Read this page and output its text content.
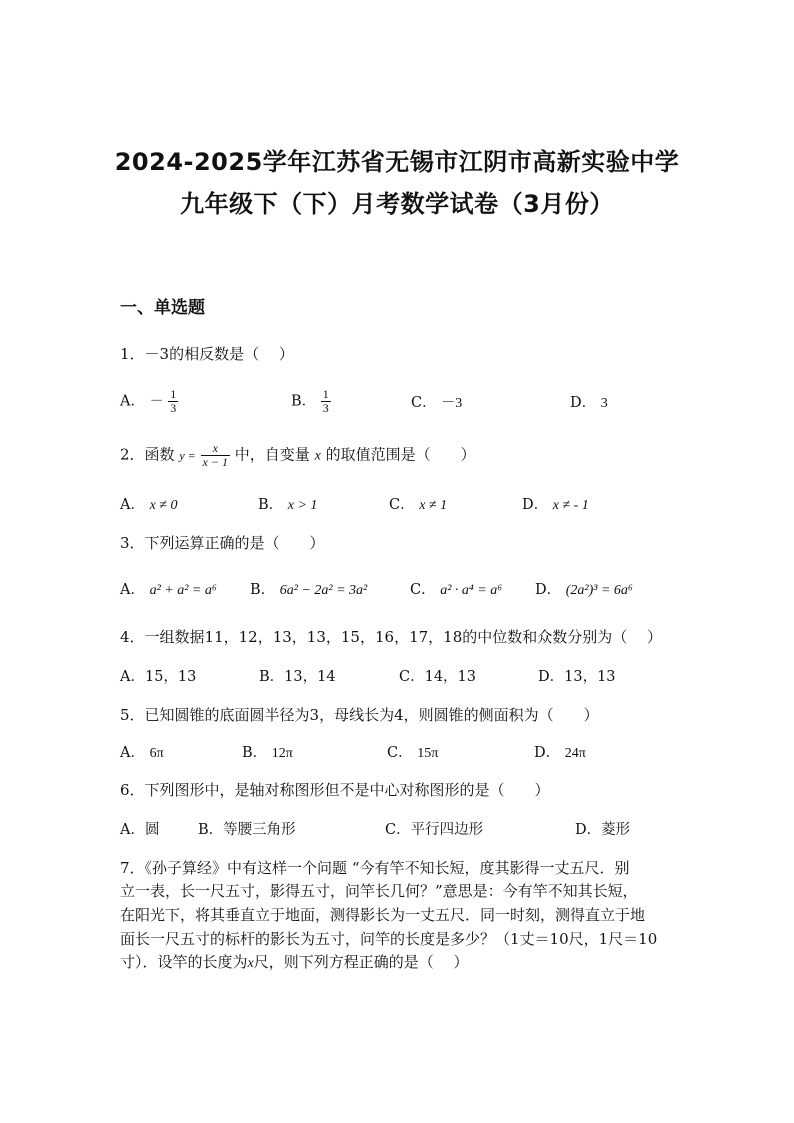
2024-2025学年江苏省无锡市江阴市高新实验中学
九年级下（下）月考数学试卷（3月份）
一、单选题
1．－3的相反数是（　 ）
A． － $\frac{1}{3}$	B． $\frac{1}{3}$	C． －3	D． 3
2．函数 $y = \frac{x}{x - 1}$ 中，自变量 x 的取值范围是（　　）
A． x ≠ 0	B． x > 1	C． x ≠ 1	D． x ≠ - 1
3．下列运算正确的是（　　）
A． a² + a² = a⁶ B． 6a² − 2a² = 3a²	C． a² · a⁴ = a⁶ D． (2a²)³ = 6a⁶
4．一组数据11，12，13，13，15，16，17，18的中位数和众数分别为（　 ）
A．15，13	B．13，14	C．14，13	D．13，13
5．已知圆锥的底面圆半径为3，母线长为4，则圆锥的侧面积为（　　）
A． 6π	B． 12π	C． 15π	D． 24π
6．下列图形中，是轴对称图形但不是中心对称图形的是（　　）
A．圆	B．等腰三角形	C．平行四边形	D．菱形
7．《孙子算经》中有这样一个问题 “今有竿不知长短，度其影得一丈五尺．别
立一表，长一尺五寸，影得五寸，问竿长几何？”意思是：今有竿不知其长短，
在阳光下，将其垂直立于地面，测得影长为一丈五尺．同一时刻，测得直立于地
面长一尺五寸的标杆的影长为五寸，问竿的长度是多少？（1丈＝10尺，1尺＝10
寸）．设竿的长度为x尺，则下列方程正确的是（　 ）
